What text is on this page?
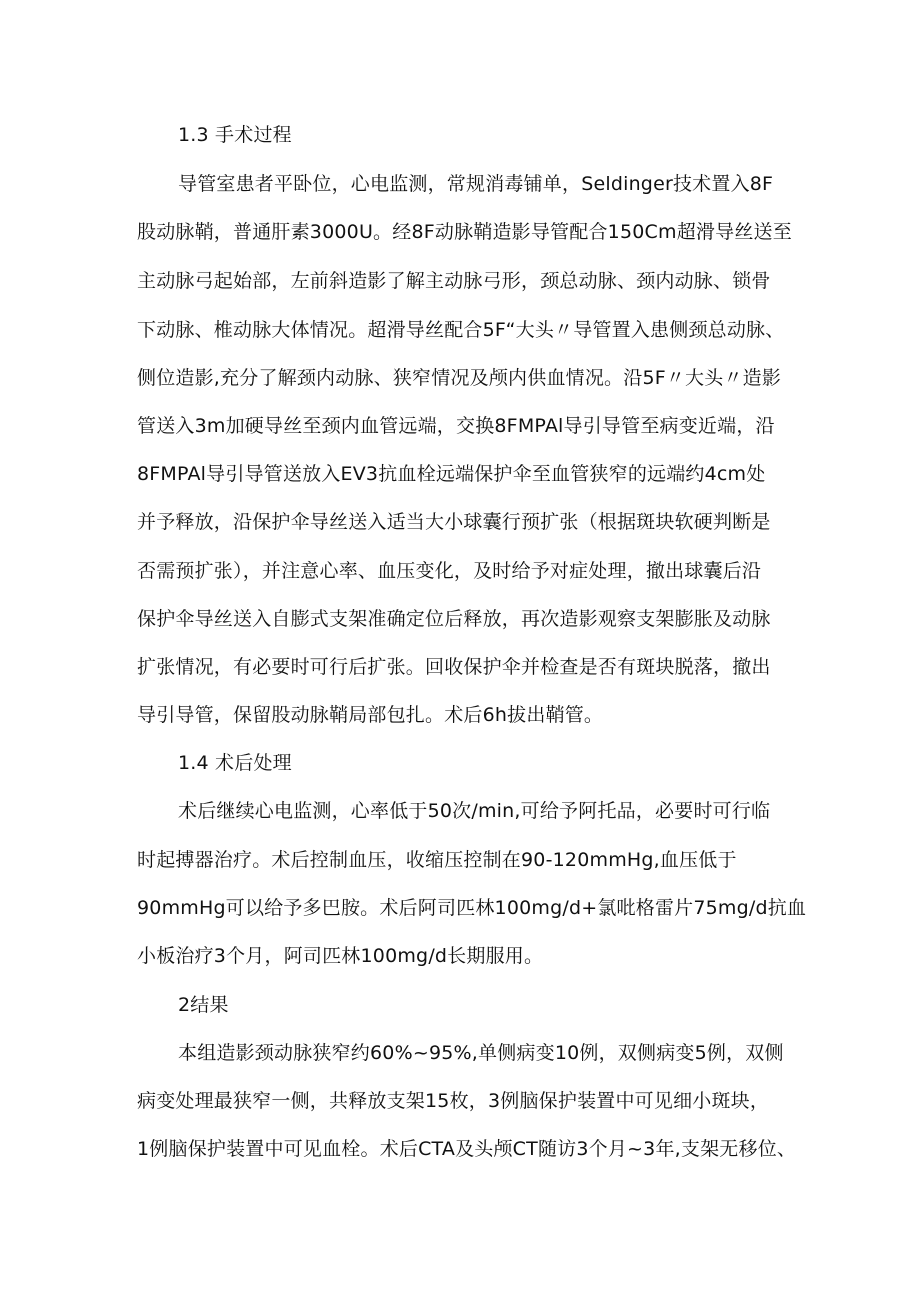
1.3 手术过程
导管室患者平卧位，心电监测，常规消毒铺单，Seldinger技术置入8F
股动脉鞘，普通肝素3000U。经8F动脉鞘造影导管配合150Cm超滑导丝送至
主动脉弓起始部，左前斜造影了解主动脉弓形，颈总动脉、颈内动脉、锁骨
下动脉、椎动脉大体情况。超滑导丝配合5F“大头〃导管置入患侧颈总动脉、
侧位造影,充分了解颈内动脉、狭窄情况及颅内供血情况。沿5F〃大头〃造影
管送入3m加硬导丝至颈内血管远端，交换8FMPAl导引导管至病变近端，沿
8FMPAl导引导管送放入EV3抗血栓远端保护伞至血管狭窄的远端约4cm处
并予释放，沿保护伞导丝送入适当大小球囊行预扩张（根据斑块软硬判断是
否需预扩张），并注意心率、血压变化，及时给予对症处理，撤出球囊后沿
保护伞导丝送入自膨式支架准确定位后释放，再次造影观察支架膨胀及动脉
扩张情况，有必要时可行后扩张。回收保护伞并检查是否有斑块脱落，撤出
导引导管，保留股动脉鞘局部包扎。术后6h拔出鞘管。
1.4 术后处理
术后继续心电监测，心率低于50次/min,可给予阿托品，必要时可行临
时起搏器治疗。术后控制血压，收缩压控制在90-120mmHg,血压低于
90mmHg可以给予多巴胺。术后阿司匹林100mg/d+氯吡格雷片75mg/d抗血
小板治疗3个月，阿司匹林100mg/d长期服用。
2结果
本组造影颈动脉狭窄约60%~95%,单侧病变10例，双侧病变5例，双侧
病变处理最狭窄一侧，共释放支架15枚，3例脑保护装置中可见细小斑块，
1例脑保护装置中可见血栓。术后CTA及头颅CT随访3个月~3年,支架无移位、
